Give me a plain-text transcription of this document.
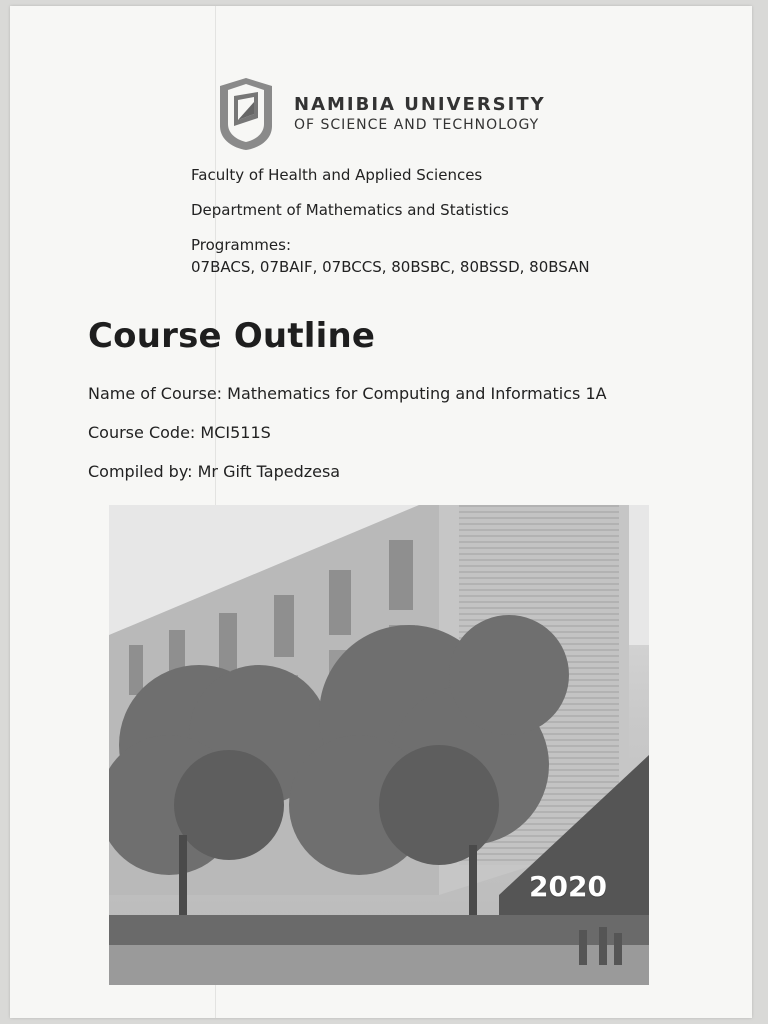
NAMIBIA UNIVERSITY
OF SCIENCE AND TECHNOLOGY
Faculty of Health and Applied Sciences
Department of Mathematics and Statistics
Programmes:
07BACS, 07BAIF, 07BCCS, 80BSBC, 80BSSD, 80BSAN
Course Outline
Name of Course: Mathematics for Computing and Informatics 1A
Course Code: MCI511S
Compiled by: Mr Gift Tapedzesa
2020
